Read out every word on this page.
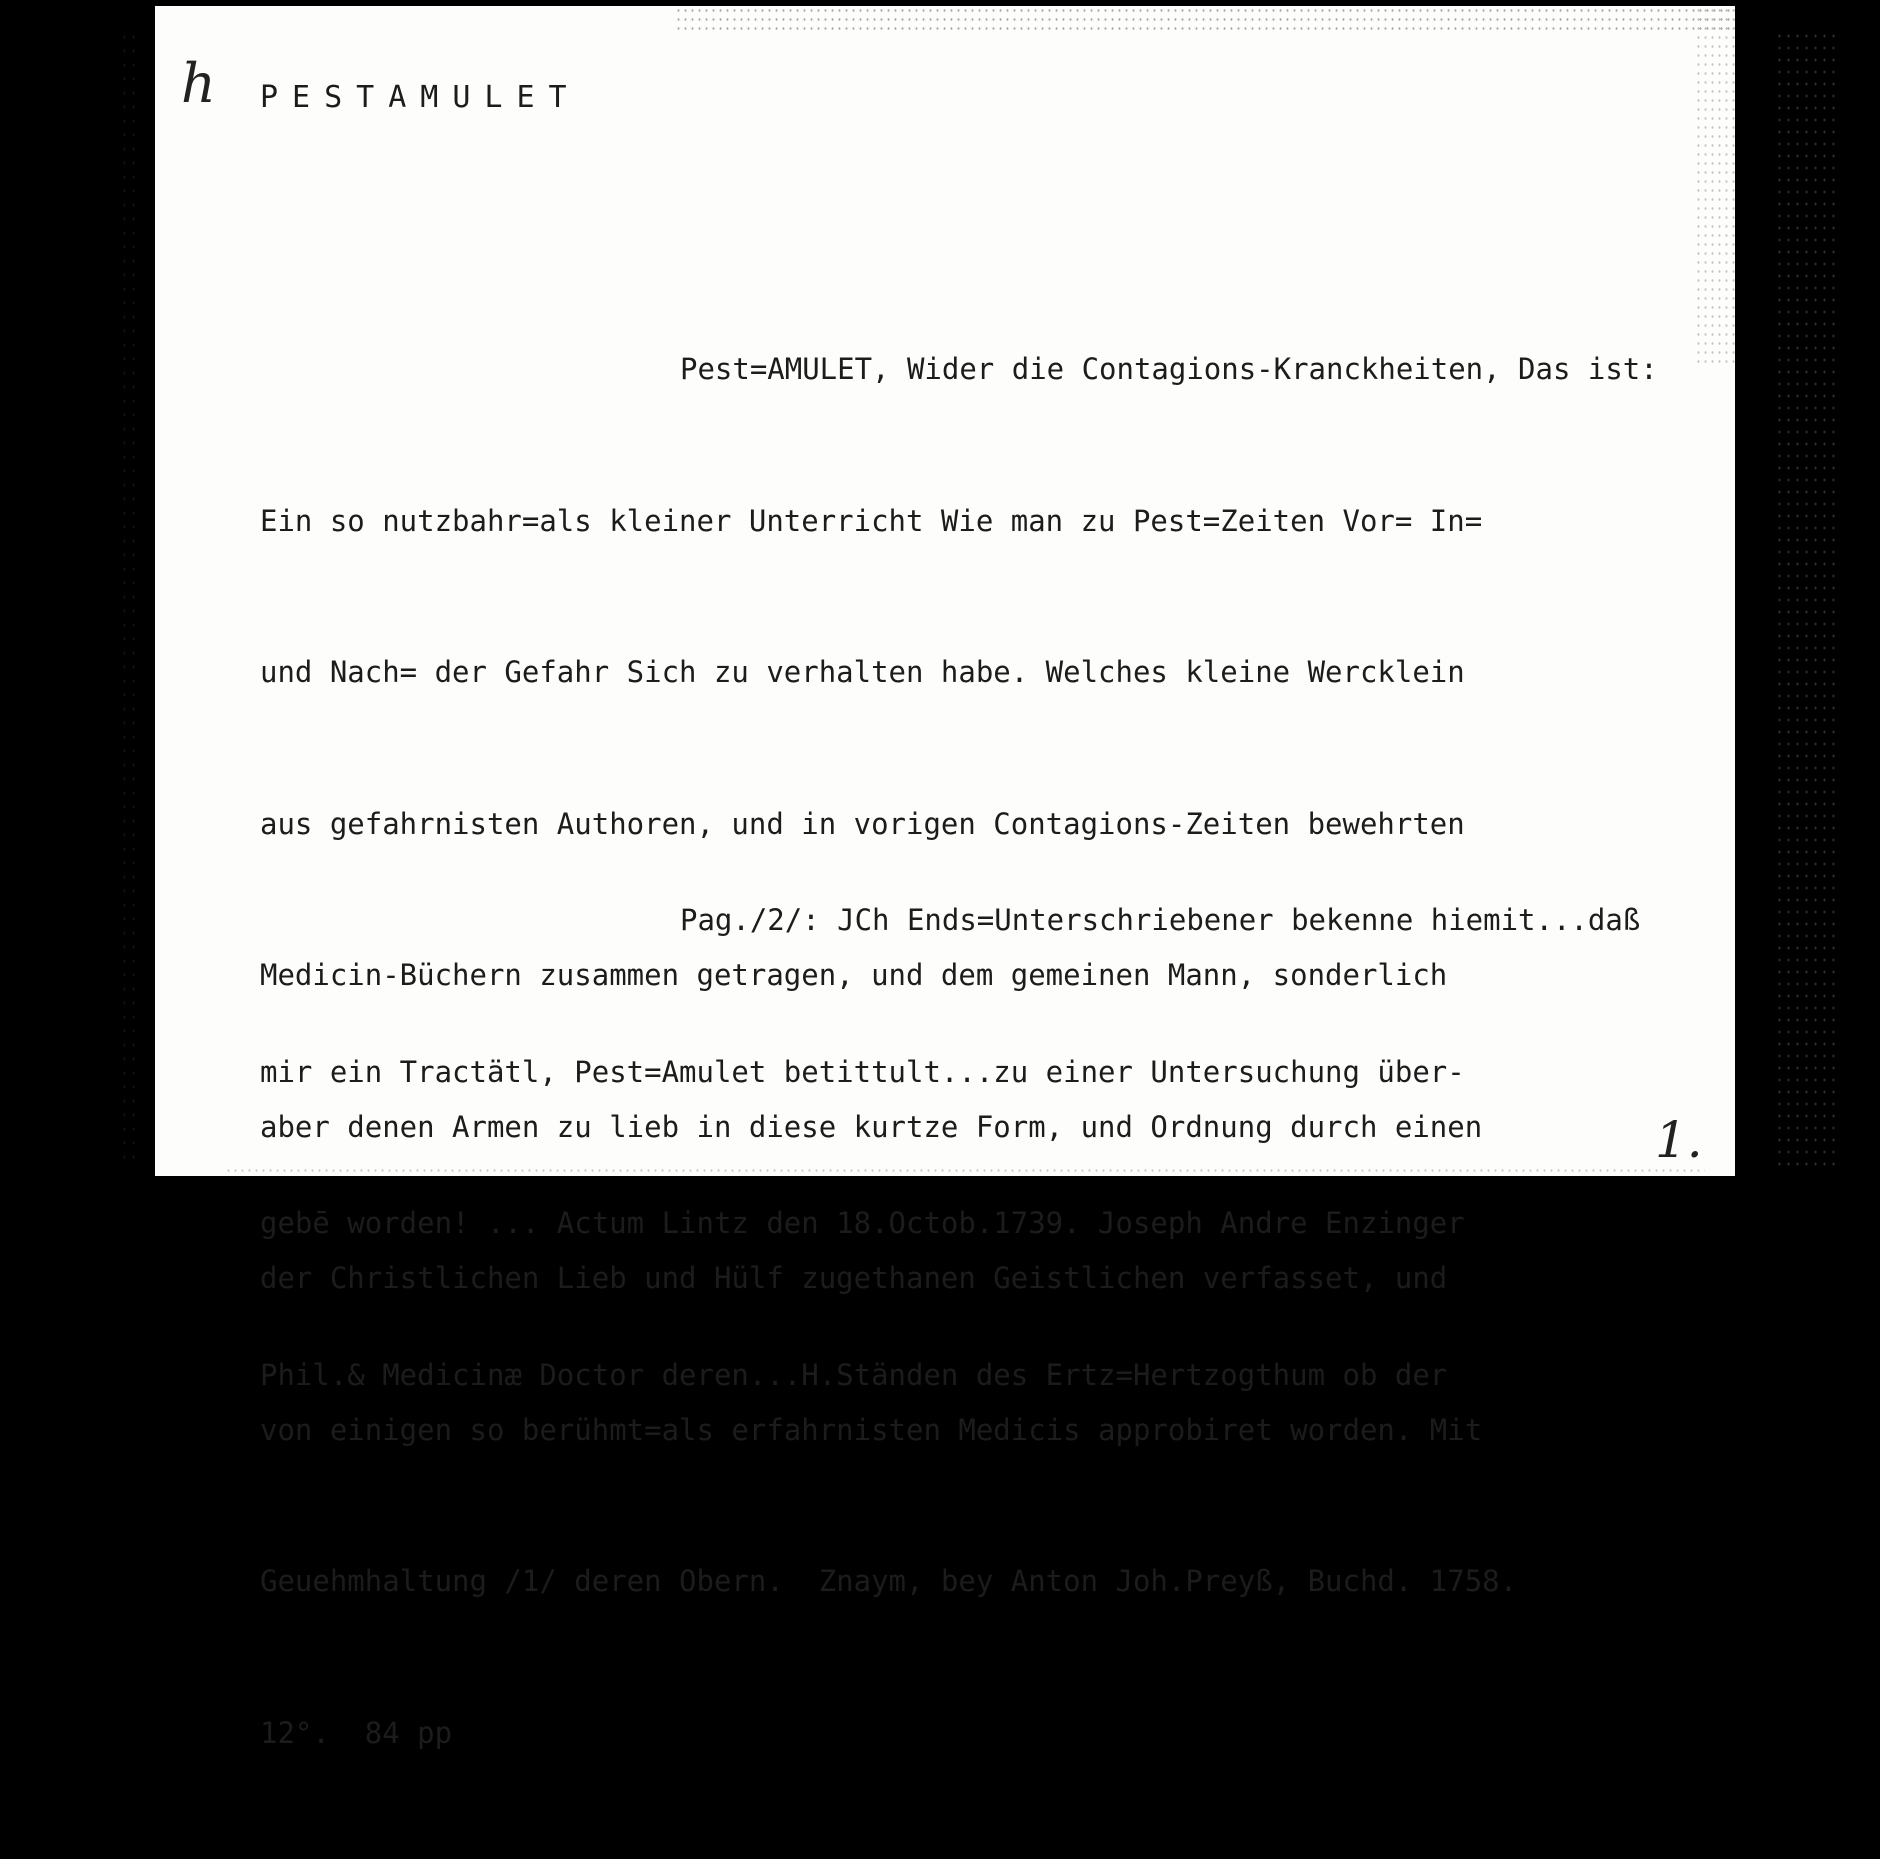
h PESTAMULET

Pest=AMULET, Wider die Contagions-Kranckheiten, Das ist:

Ein so nutzbahr=als kleiner Unterricht Wie man zu Pest=Zeiten Vor= In=

und Nach= der Gefahr Sich zu verhalten habe. Welches kleine Wercklein

aus gefahrnisten Authoren, und in vorigen Contagions-Zeiten bewehrten

Medicin-Büchern zusammen getragen, und dem gemeinen Mann, sonderlich

aber denen Armen zu lieb in diese kurtze Form, und Ordnung durch einen

der Christlichen Lieb und Hülf zugethanen Geistlichen verfasset, und

von einigen so berühmt=als erfahrnisten Medicis approbiret worden. Mit

Geuehmhaltung /1/ deren Obern.  Znaym, bey Anton Joh.Preyß, Buchd. 1758.

12°.  84 pp

Pag./2/: JCh Ends=Unterschriebener bekenne hiemit...daß

mir ein Tractätl, Pest=Amulet betittult...zu einer Untersuchung über-

gebē worden! ... Actum Lintz den 18.Octob.1739. Joseph Andre Enzinger

Phil.& Medicinæ Doctor deren...H.Ständen des Ertz=Hertzogthum ob der

1.
